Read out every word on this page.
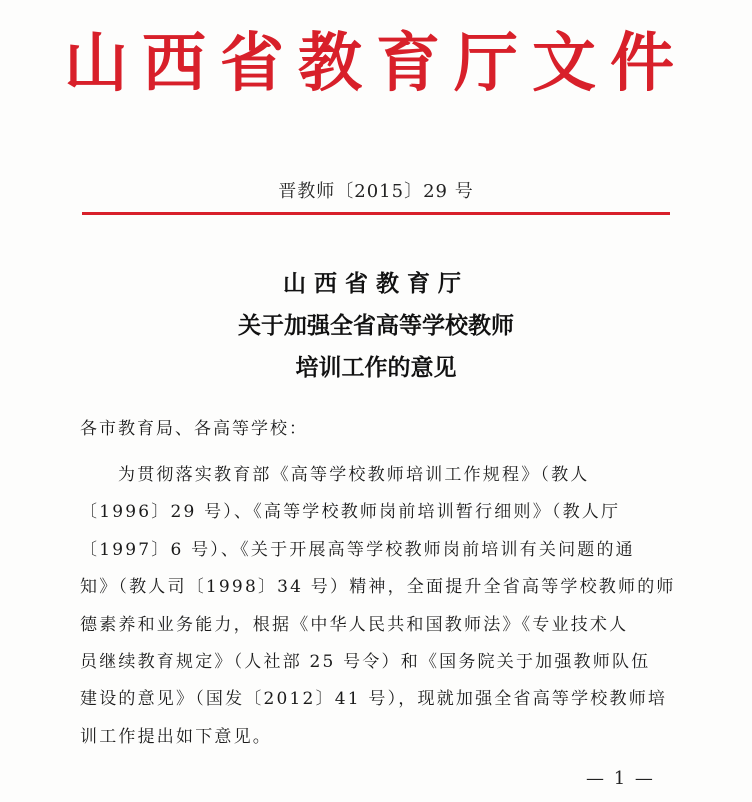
山西省教育厅文件
晋教师〔2015〕29 号
山西省教育厅
关于加强全省高等学校教师
培训工作的意见
各市教育局、各高等学校：
为贯彻落实教育部《高等学校教师培训工作规程》（教人
〔1996〕29 号）、《高等学校教师岗前培训暂行细则》（教人厅
〔1997〕6 号）、《关于开展高等学校教师岗前培训有关问题的通
知》（教人司〔1998〕34 号）精神，全面提升全省高等学校教师的师
德素养和业务能力，根据《中华人民共和国教师法》《专业技术人
员继续教育规定》（人社部 25 号令）和《国务院关于加强教师队伍
建设的意见》（国发〔2012〕41 号），现就加强全省高等学校教师培
训工作提出如下意见。
— 1 —
